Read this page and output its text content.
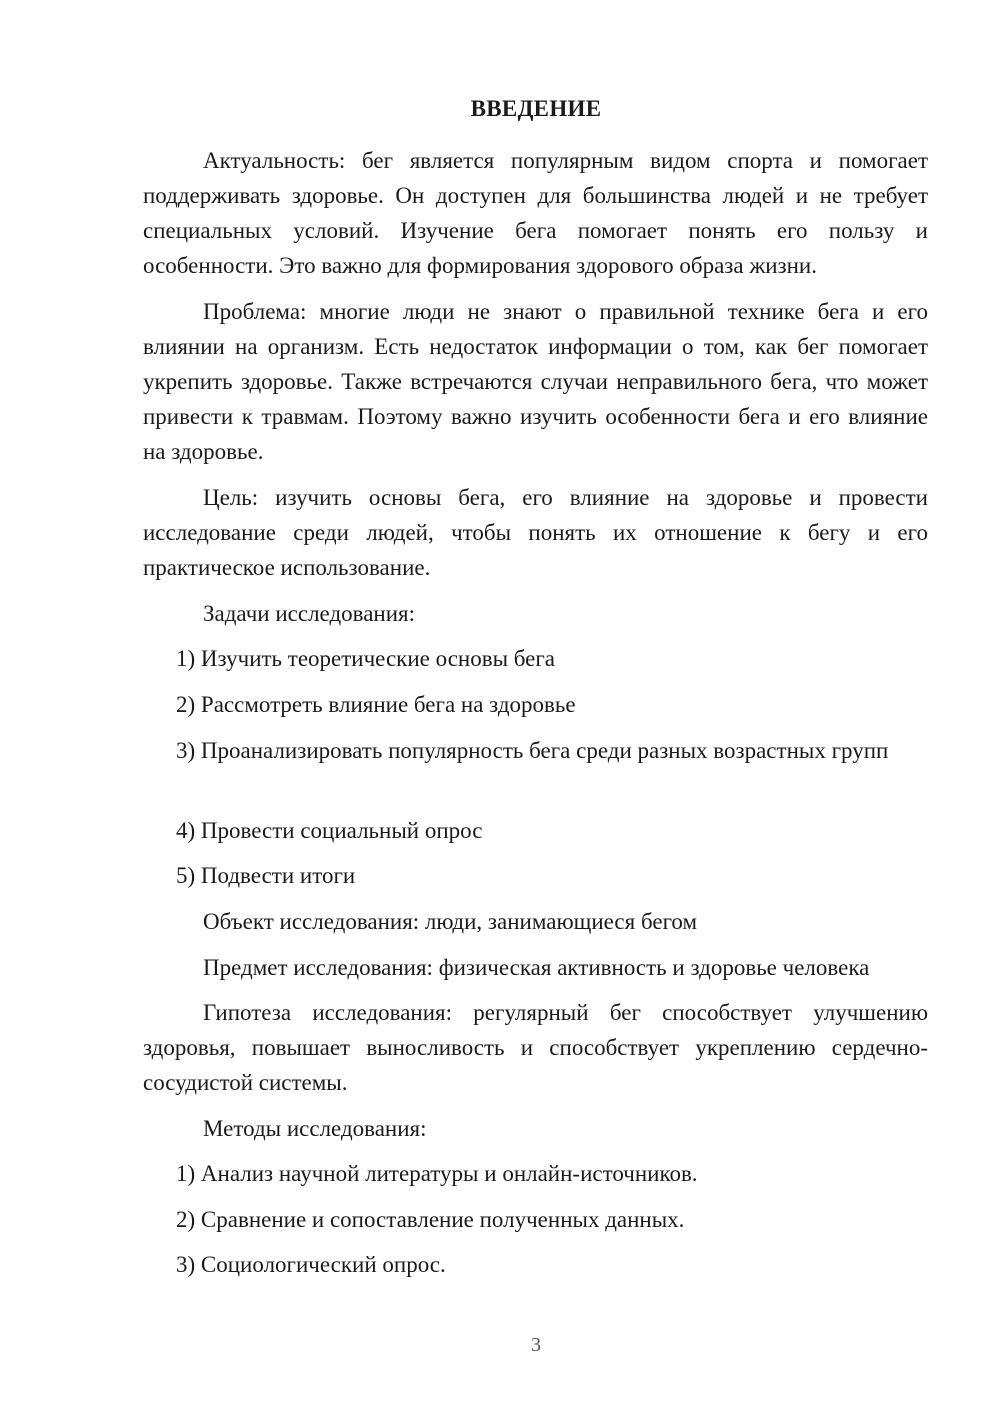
ВВЕДЕНИЕ
Актуальность: бег является популярным видом спорта и помогает поддерживать здоровье. Он доступен для большинства людей и не требует специальных условий. Изучение бега помогает понять его пользу и особенности. Это важно для формирования здорового образа жизни.
Проблема: многие люди не знают о правильной технике бега и его влиянии на организм. Есть недостаток информации о том, как бег помогает укрепить здоровье. Также встречаются случаи неправильного бега, что может привести к травмам. Поэтому важно изучить особенности бега и его влияние на здоровье.
Цель: изучить основы бега, его влияние на здоровье и провести исследование среди людей, чтобы понять их отношение к бегу и его практическое использование.
Задачи исследования:
1) Изучить теоретические основы бега
2) Рассмотреть влияние бега на здоровье
3) Проанализировать популярность бега среди разных возрастных групп
4) Провести социальный опрос
5) Подвести итоги
Объект исследования: люди, занимающиеся бегом
Предмет исследования: физическая активность и здоровье человека
Гипотеза исследования: регулярный бег способствует улучшению здоровья, повышает выносливость и способствует укреплению сердечно-сосудистой системы.
Методы исследования:
1) Анализ научной литературы и онлайн-источников.
2) Сравнение и сопоставление полученных данных.
3) Социологический опрос.
3
